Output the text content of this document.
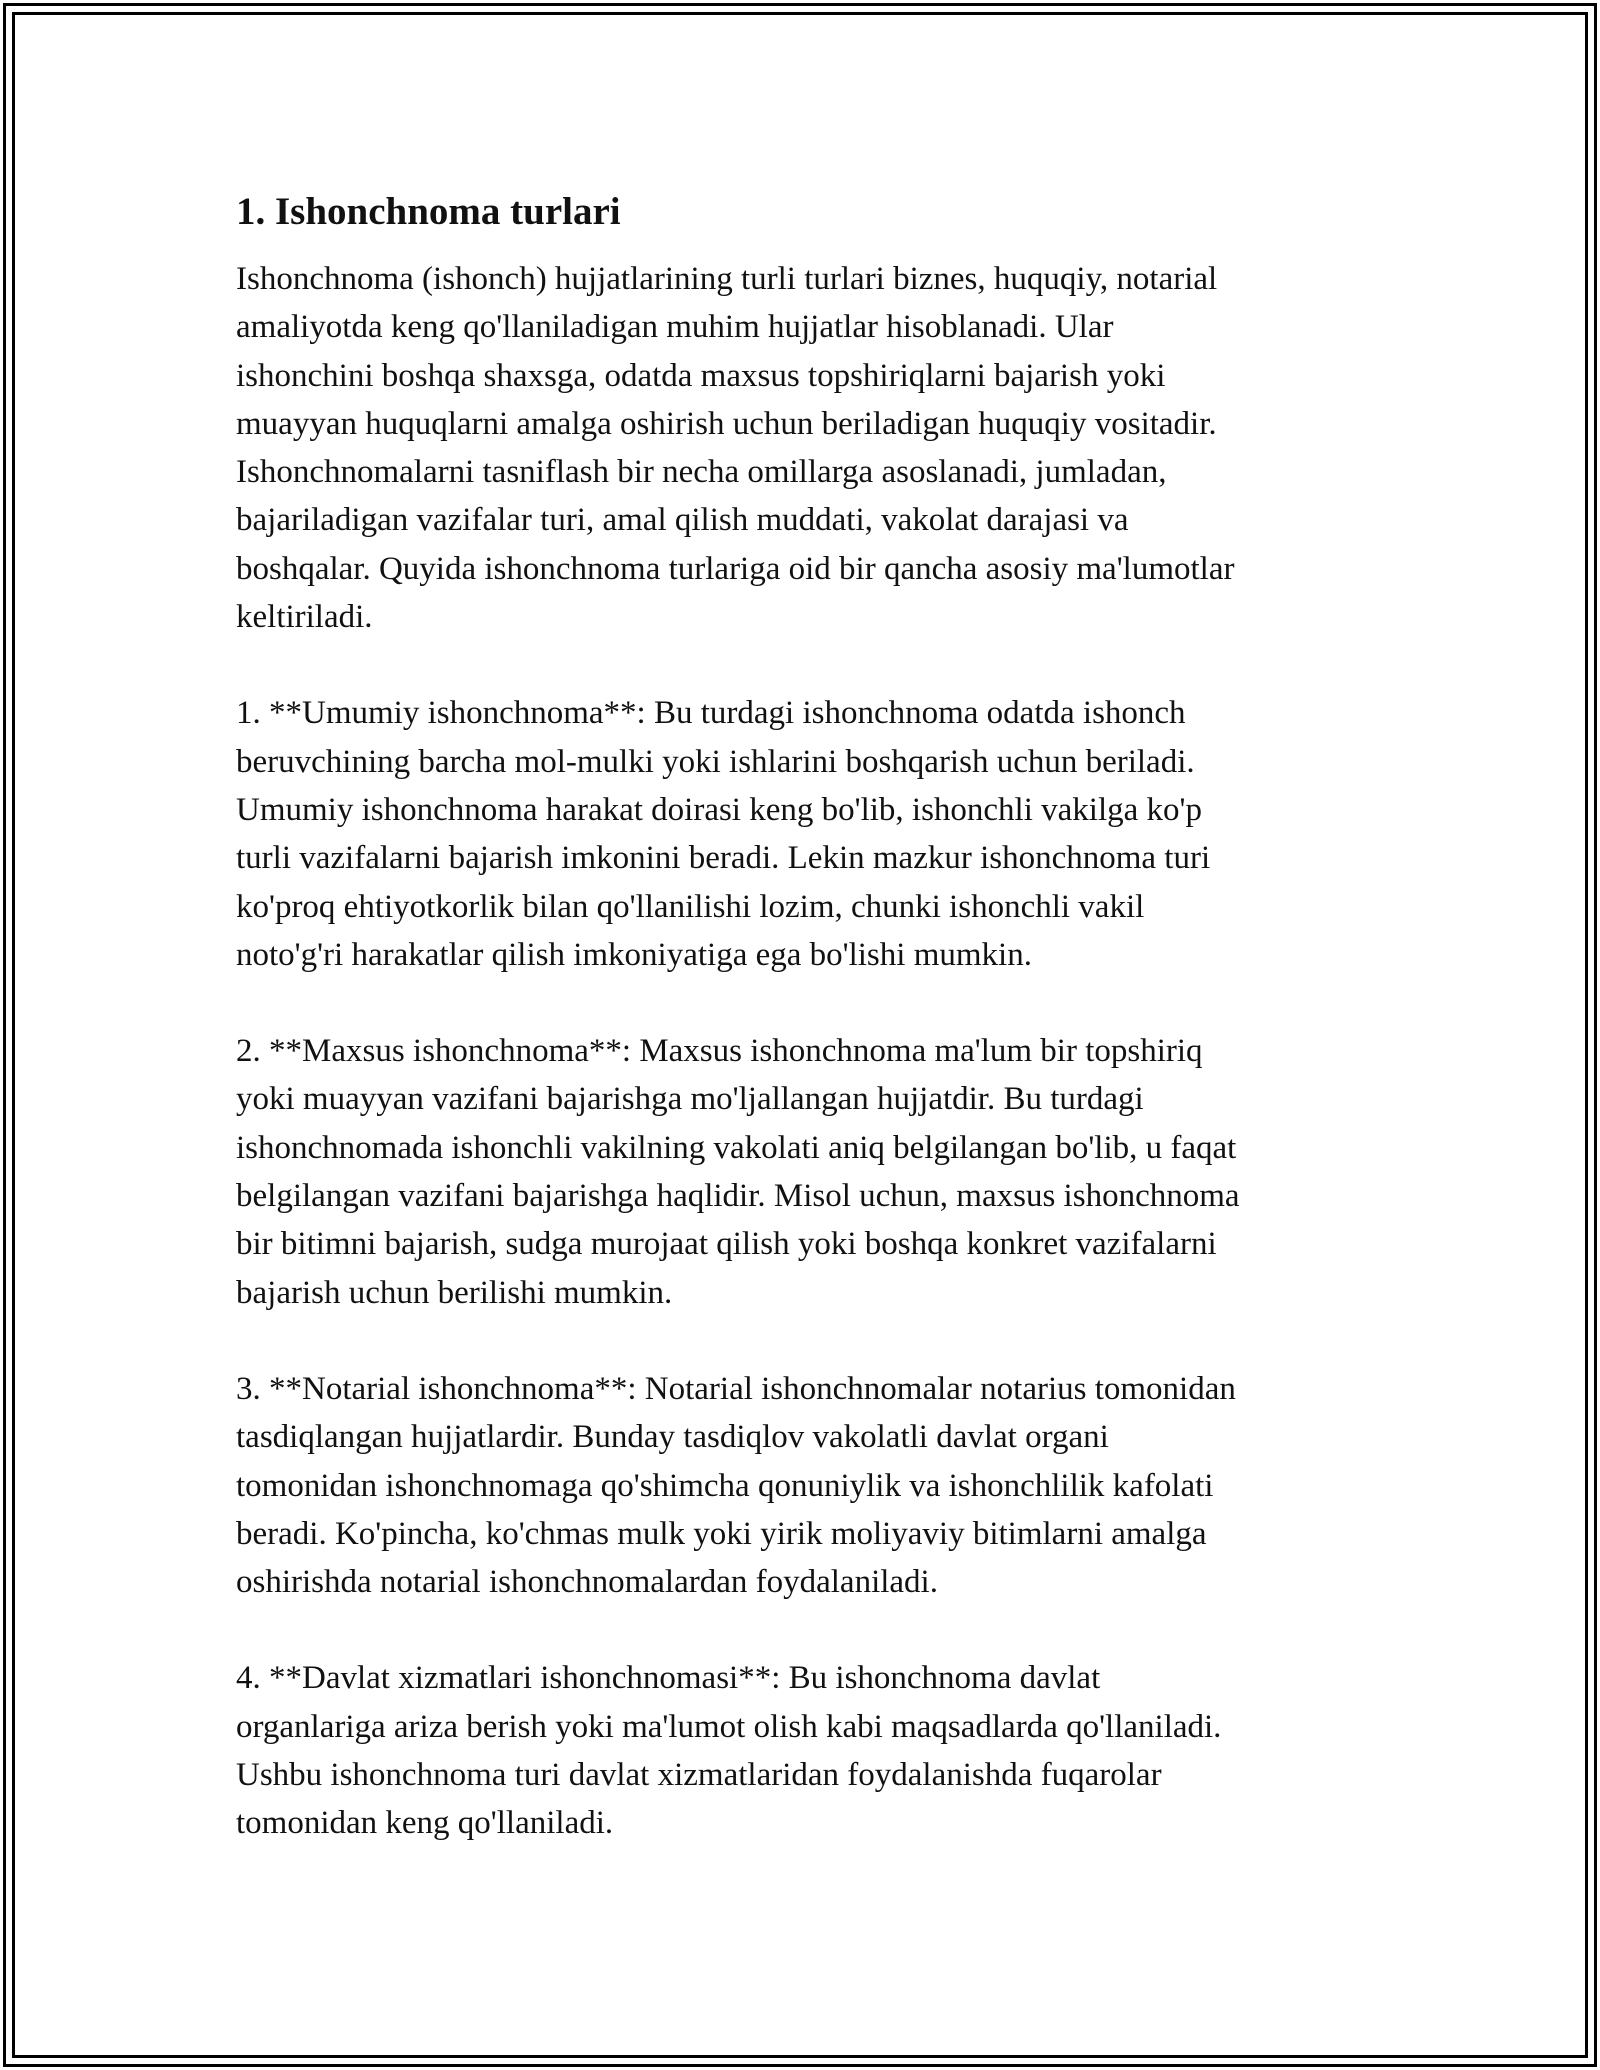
1. Ishonchnoma turlari

Ishonchnoma (ishonch) hujjatlarining turli turlari biznes, huquqiy, notarial
amaliyotda keng qo'llaniladigan muhim hujjatlar hisoblanadi. Ular
ishonchini boshqa shaxsga, odatda maxsus topshiriqlarni bajarish yoki
muayyan huquqlarni amalga oshirish uchun beriladigan huquqiy vositadir.
Ishonchnomalarni tasniflash bir necha omillarga asoslanadi, jumladan,
bajariladigan vazifalar turi, amal qilish muddati, vakolat darajasi va
boshqalar. Quyida ishonchnoma turlariga oid bir qancha asosiy ma'lumotlar
keltiriladi.

1. **Umumiy ishonchnoma**: Bu turdagi ishonchnoma odatda ishonch
beruvchining barcha mol-mulki yoki ishlarini boshqarish uchun beriladi.
Umumiy ishonchnoma harakat doirasi keng bo'lib, ishonchli vakilga ko'p
turli vazifalarni bajarish imkonini beradi. Lekin mazkur ishonchnoma turi
ko'proq ehtiyotkorlik bilan qo'llanilishi lozim, chunki ishonchli vakil
noto'g'ri harakatlar qilish imkoniyatiga ega bo'lishi mumkin.

2. **Maxsus ishonchnoma**: Maxsus ishonchnoma ma'lum bir topshiriq
yoki muayyan vazifani bajarishga mo'ljallangan hujjatdir. Bu turdagi
ishonchnomada ishonchli vakilning vakolati aniq belgilangan bo'lib, u faqat
belgilangan vazifani bajarishga haqlidir. Misol uchun, maxsus ishonchnoma
bir bitimni bajarish, sudga murojaat qilish yoki boshqa konkret vazifalarni
bajarish uchun berilishi mumkin.

3. **Notarial ishonchnoma**: Notarial ishonchnomalar notarius tomonidan
tasdiqlangan hujjatlardir. Bunday tasdiqlov vakolatli davlat organi
tomonidan ishonchnomaga qo'shimcha qonuniylik va ishonchlilik kafolati
beradi. Ko'pincha, ko'chmas mulk yoki yirik moliyaviy bitimlarni amalga
oshirishda notarial ishonchnomalardan foydalaniladi.

4. **Davlat xizmatlari ishonchnomasi**: Bu ishonchnoma davlat
organlariga ariza berish yoki ma'lumot olish kabi maqsadlarda qo'llaniladi.
Ushbu ishonchnoma turi davlat xizmatlaridan foydalanishda fuqarolar
tomonidan keng qo'llaniladi.
